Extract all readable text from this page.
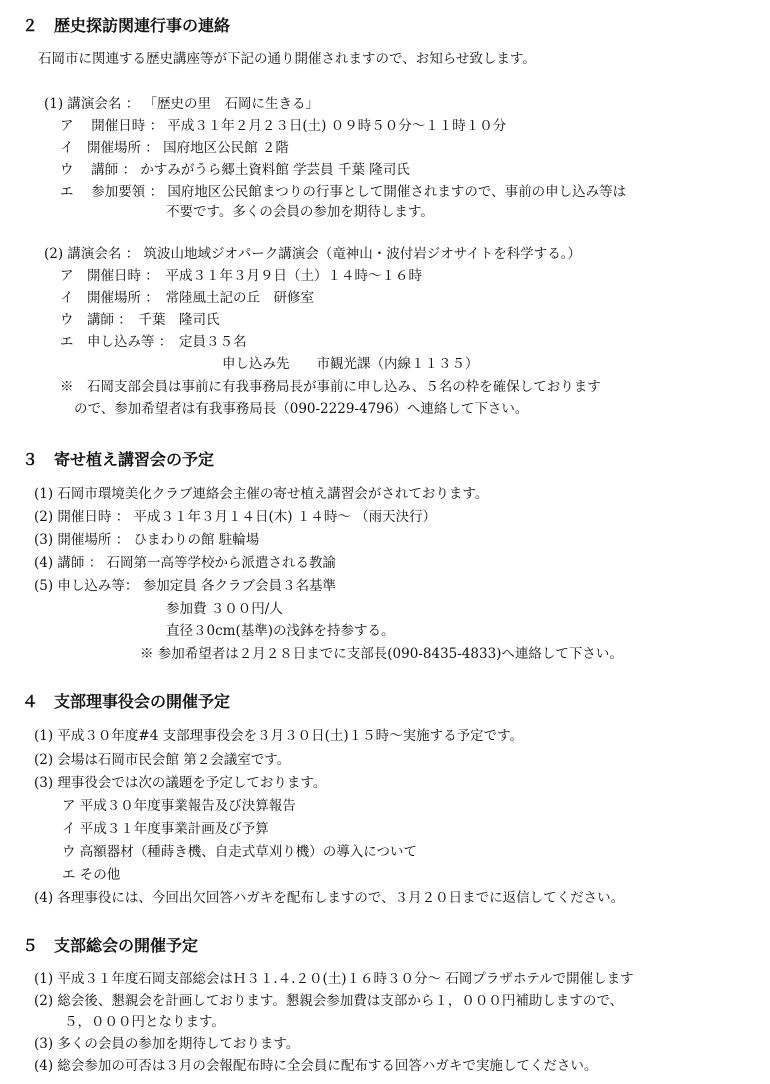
２　歴史探訪関連行事の連絡
石岡市に関連する歴史講座等が下記の通り開催されますので、お知らせ致します。
(1) 講演会名 ： 「歴史の里　石岡に生きる」
ア　 開催日時 ： 平成３１年２月２３日(土) ０９時５０分～１１時１０分
イ　開催場所 ： 国府地区公民館 ２階
ウ　 講師 ： かすみがうら郷土資料館 学芸員 千葉 隆司氏
エ　 参加要領 ： 国府地区公民館まつりの行事として開催されますので、事前の申し込み等は
不要です。多くの会員の参加を期待します。
(2) 講演会名 ： 筑波山地域ジオパーク講演会（竜神山・波付岩ジオサイトを科学する。）
ア　開催日時 ：　平成３１年３月９日（土）１４時～１６時
イ　開催場所 ：　常陸風土記の丘　研修室
ウ　講師 ：　千葉　隆司氏
エ　申し込み等 ：　定員３５名
申し込み先　　市観光課（内線１１３５）
※　石岡支部会員は事前に有我事務局長が事前に申し込み、５名の枠を確保しております
ので、参加希望者は有我事務局長（090-2229-4796）へ連絡して下さい。
３　寄せ植え講習会の予定
(1) 石岡市環境美化クラブ連絡会主催の寄せ植え講習会がされております。
(2) 開催日時 ： 平成３１年３月１４日(木) １４時～ （雨天決行）
(3) 開催場所 ： ひまわりの館 駐輪場
(4) 講師 ： 石岡第一高等学校から派遣される教諭
(5) 申し込み等： 参加定員 各クラブ会員３名基準
参加費 ３００円/人
直径３0cm(基準)の浅鉢を持参する。
※ 参加希望者は２月２８日までに支部長(090-8435-4833)へ連絡して下さい。
４　支部理事役会の開催予定
(1) 平成３０年度#4 支部理事役会を３月３０日(土)１５時～実施する予定です。
(2) 会場は石岡市民会館 第２会議室です。
(3) 理事役会では次の議題を予定しております。
ア 平成３０年度事業報告及び決算報告
イ 平成３１年度事業計画及び予算
ウ 高額器材（種蒔き機、自走式草刈り機）の導入について
エ その他
(4) 各理事役には、今回出欠回答ハガキを配布しますので、３月２０日までに返信してください。
５　支部総会の開催予定
(1) 平成３１年度石岡支部総会はＨ３１.４.２０(土)１６時３０分～ 石岡プラザホテルで開催します
(2) 総会後、懇親会を計画しております。懇親会参加費は支部から１，０００円補助しますので、
５，０００円となります。
(3) 多くの会員の参加を期待しております。
(4) 総会参加の可否は３月の会報配布時に全会員に配布する回答ハガキで実施してください。
